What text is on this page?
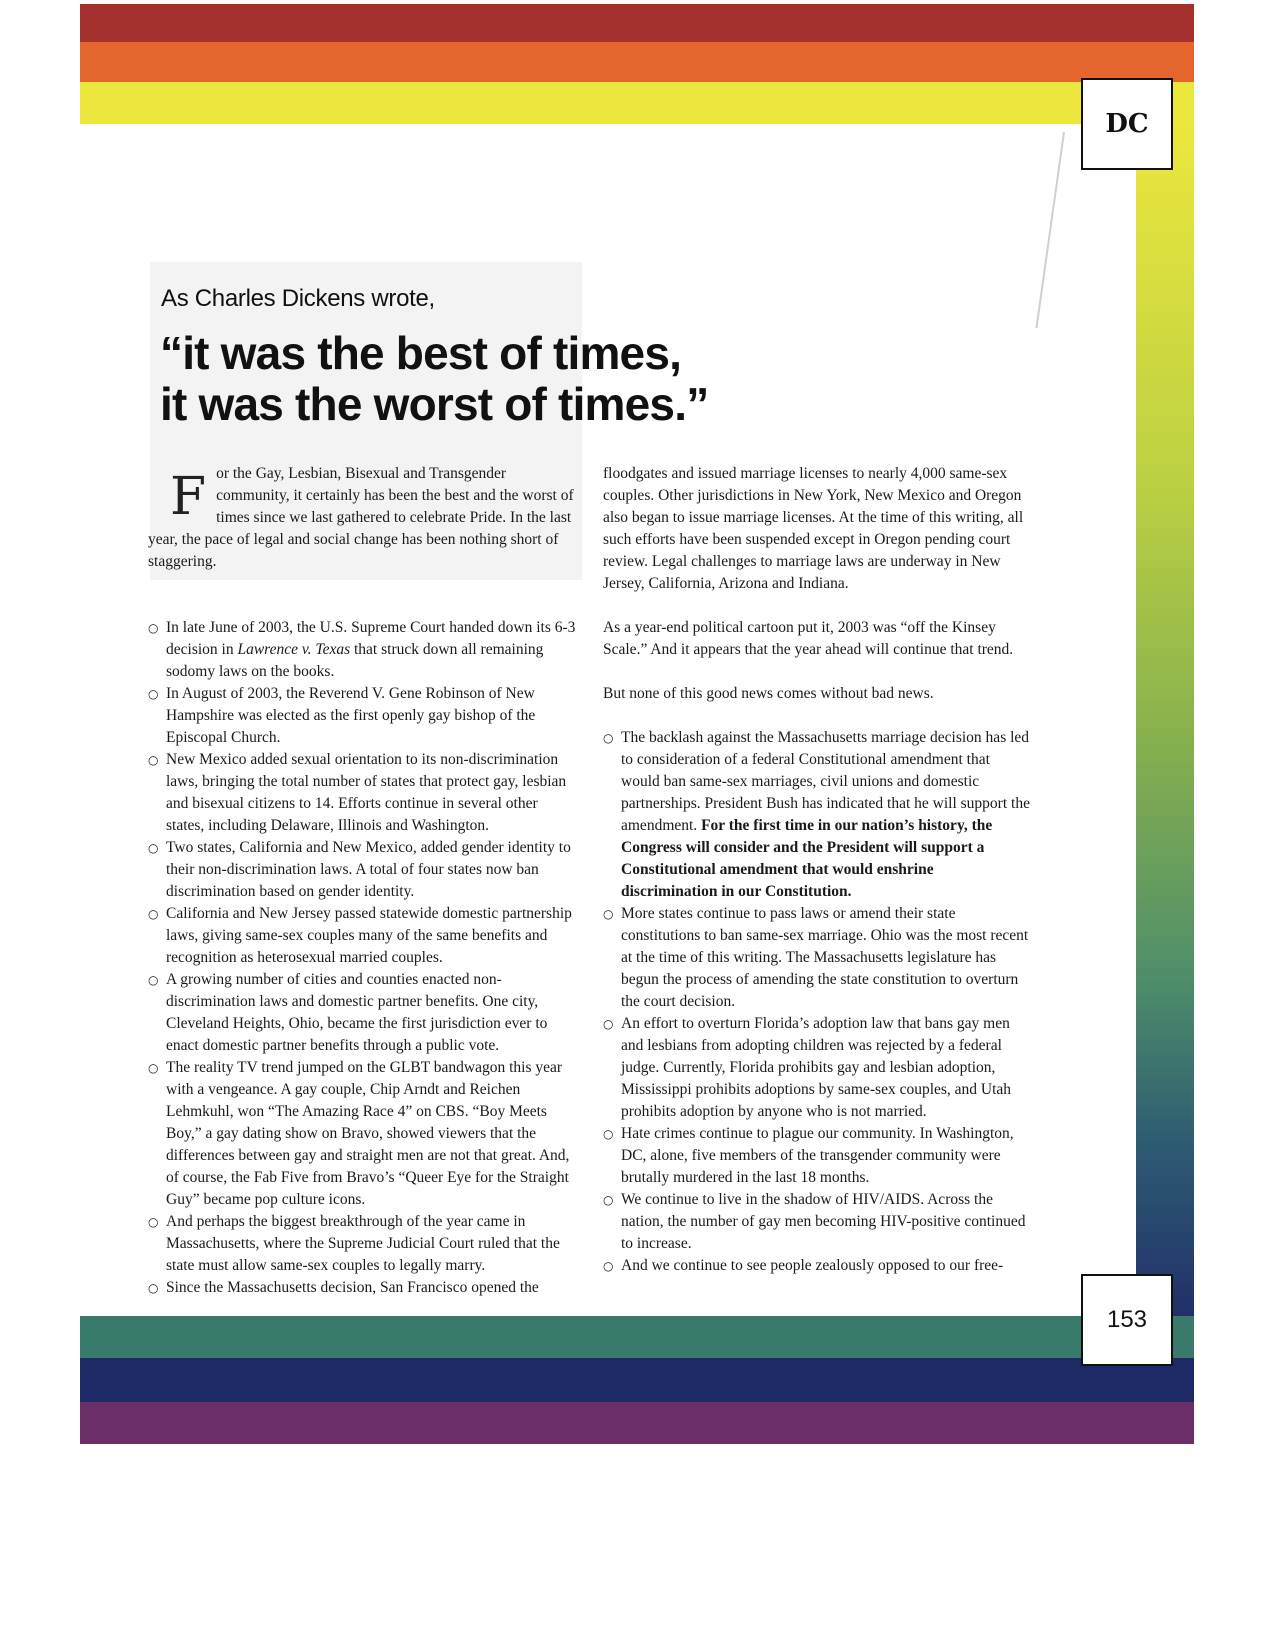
DC
153
As Charles Dickens wrote,
“it was the best of times,
it was the worst of times.”

For the Gay, Lesbian, Bisexual and Transgender community, it certainly has been the best and the worst of times since we last gathered to celebrate Pride. In the last year, the pace of legal and social change has been nothing short of staggering.

○ In late June of 2003, the U.S. Supreme Court handed down its 6-3 decision in Lawrence v. Texas that struck down all remaining sodomy laws on the books.
○ In August of 2003, the Reverend V. Gene Robinson of New Hampshire was elected as the first openly gay bishop of the Episcopal Church.
○ New Mexico added sexual orientation to its non-discrimination laws, bringing the total number of states that protect gay, lesbian and bisexual citizens to 14. Efforts continue in several other states, including Delaware, Illinois and Washington.
○ Two states, California and New Mexico, added gender identity to their non-discrimination laws. A total of four states now ban discrimination based on gender identity.
○ California and New Jersey passed statewide domestic partnership laws, giving same-sex couples many of the same benefits and recognition as heterosexual married couples.
○ A growing number of cities and counties enacted non-discrimination laws and domestic partner benefits. One city, Cleveland Heights, Ohio, became the first jurisdiction ever to enact domestic partner benefits through a public vote.
○ The reality TV trend jumped on the GLBT bandwagon this year with a vengeance. A gay couple, Chip Arndt and Reichen Lehmkuhl, won “The Amazing Race 4” on CBS. “Boy Meets Boy,” a gay dating show on Bravo, showed viewers that the differences between gay and straight men are not that great. And, of course, the Fab Five from Bravo’s “Queer Eye for the Straight Guy” became pop culture icons.
○ And perhaps the biggest breakthrough of the year came in Massachusetts, where the Supreme Judicial Court ruled that the state must allow same-sex couples to legally marry.
○ Since the Massachusetts decision, San Francisco opened the

floodgates and issued marriage licenses to nearly 4,000 same-sex couples. Other jurisdictions in New York, New Mexico and Oregon also began to issue marriage licenses. At the time of this writing, all such efforts have been suspended except in Oregon pending court review. Legal challenges to marriage laws are underway in New Jersey, California, Arizona and Indiana.

As a year-end political cartoon put it, 2003 was “off the Kinsey Scale.” And it appears that the year ahead will continue that trend.

But none of this good news comes without bad news.

○ The backlash against the Massachusetts marriage decision has led to consideration of a federal Constitutional amendment that would ban same-sex marriages, civil unions and domestic partnerships. President Bush has indicated that he will support the amendment. For the first time in our nation’s history, the Congress will consider and the President will support a Constitutional amendment that would enshrine discrimination in our Constitution.
○ More states continue to pass laws or amend their state constitutions to ban same-sex marriage. Ohio was the most recent at the time of this writing. The Massachusetts legislature has begun the process of amending the state constitution to overturn the court decision.
○ An effort to overturn Florida’s adoption law that bans gay men and lesbians from adopting children was rejected by a federal judge. Currently, Florida prohibits gay and lesbian adoption, Mississippi prohibits adoptions by same-sex couples, and Utah prohibits adoption by anyone who is not married.
○ Hate crimes continue to plague our community. In Washington, DC, alone, five members of the transgender community were brutally murdered in the last 18 months.
○ We continue to live in the shadow of HIV/AIDS. Across the nation, the number of gay men becoming HIV-positive continued to increase.
○ And we continue to see people zealously opposed to our free-
